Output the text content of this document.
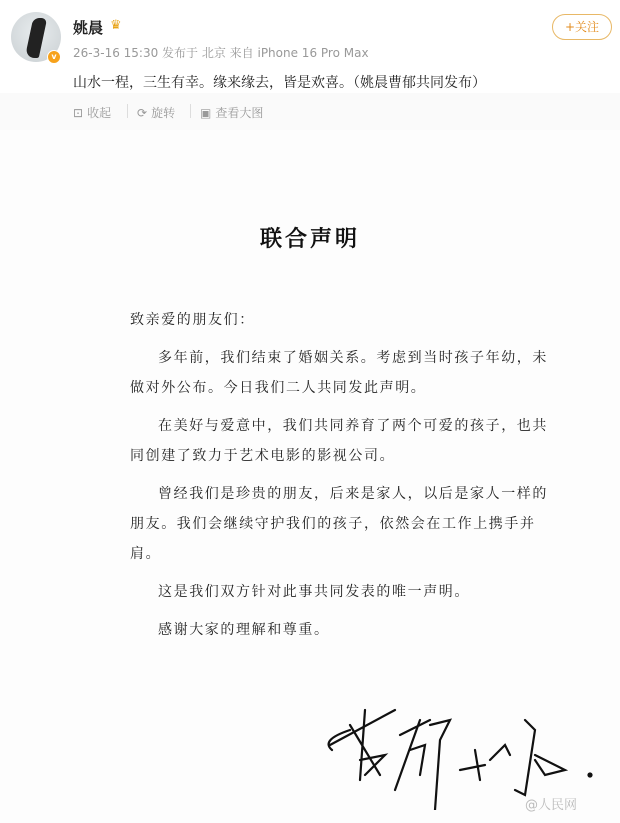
v
姚晨 ♛
26-3-16 15:30 发布于 北京 来自 iPhone 16 Pro Max
+关注
山水一程，三生有幸。缘来缘去，皆是欢喜。（姚晨曹郁共同发布）
⊡ 收起 ⟳ 旋转 ▣ 查看大图
联合声明

致亲爱的朋友们：

多年前，我们结束了婚姻关系。考虑到当时孩子年幼，未做对外公布。今日我们二人共同发此声明。

在美好与爱意中，我们共同养育了两个可爱的孩子，也共同创建了致力于艺术电影的影视公司。

曾经我们是珍贵的朋友，后来是家人，以后是家人一样的朋友。我们会继续守护我们的孩子，依然会在工作上携手并肩。

这是我们双方针对此事共同发表的唯一声明。

感谢大家的理解和尊重。

@人民网
